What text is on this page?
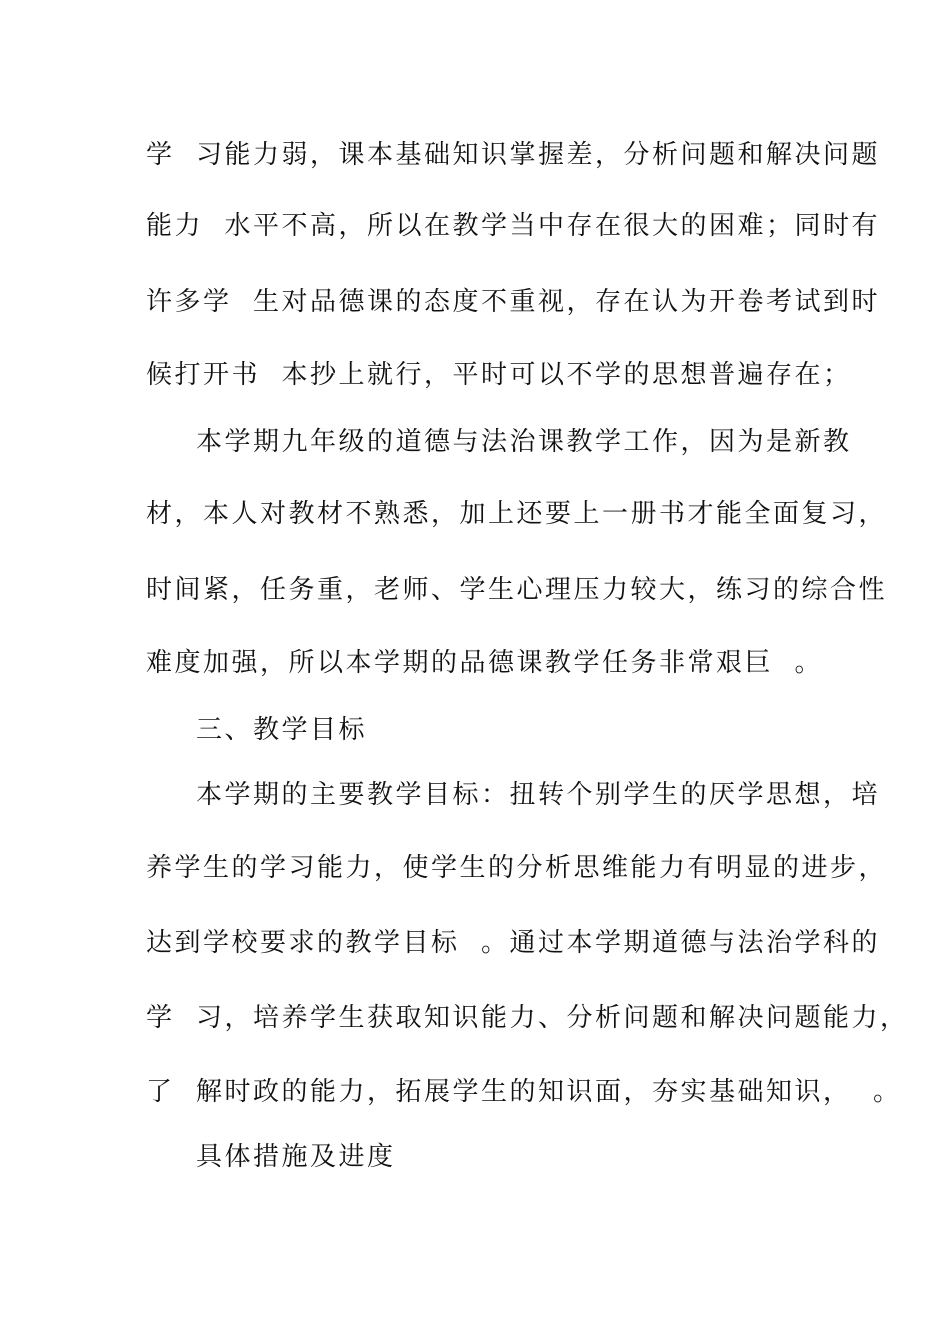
学  习能力弱，课本基础知识掌握差，分析问题和解决问题
能力  水平不高，所以在教学当中存在很大的困难；同时有
许多学  生对品德课的态度不重视，存在认为开卷考试到时
候打开书  本抄上就行，平时可以不学的思想普遍存在；
本学期九年级的道德与法治课教学工作，因为是新教
材，本人对教材不熟悉，加上还要上一册书才能全面复习，
时间紧，任务重，老师、学生心理压力较大，练习的综合性
难度加强，所以本学期的品德课教学任务非常艰巨  。
三、教学目标
本学期的主要教学目标：扭转个别学生的厌学思想，培
养学生的学习能力，使学生的分析思维能力有明显的进步，
达到学校要求的教学目标  。通过本学期道德与法治学科的
学  习，培养学生获取知识能力、分析问题和解决问题能力，
了  解时政的能力，拓展学生的知识面，夯实基础知识，  。
具体措施及进度
